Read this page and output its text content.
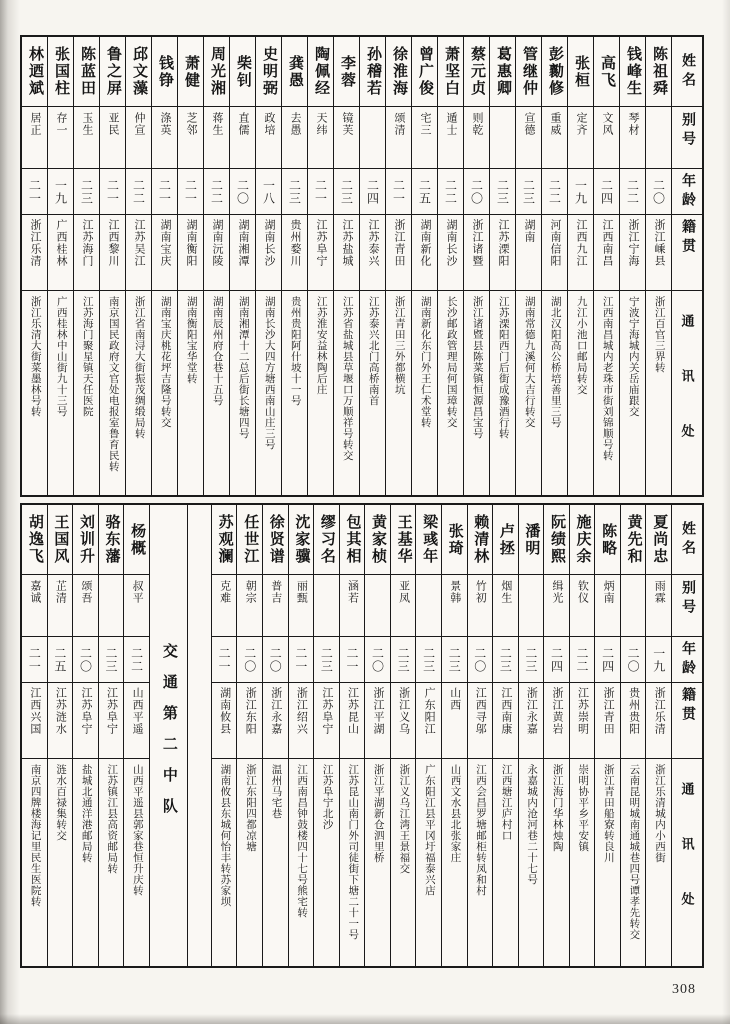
姓名
别号
年龄
籍贯
通讯处
陈祖舜
二〇
浙江嵊县
浙江百官三界转
钱峰生
琴材
二二
浙江宁海
宁波宁海城内关岳庙跟交
高飞
文风
二四
江西南昌
江西南昌城内老珠市街刘锦顺号转
张桓
定齐
一九
江西九江
九江小池口邮局转交
彭勷修
重威
二二
河南信阳
湖北汉阳高公桥培善里三号
管继仲
宣德
二三
湖南
湖南常德九溪何大吉行转交
葛惠卿
二三
江苏溧阳
江苏溧阳西门后街成豫酒行转
蔡元贞
则乾
二〇
浙江诸暨
浙江诸暨县陈菜镇恒源昌宝号
萧坚白
遁士
二二
湖南长沙
长沙邮政管理局何国璋转交
曾广俊
宅三
二五
湖南新化
湖南新化东门外王仁术堂转
徐淮海
颂清
二一
浙江青田
浙江青田三外都横坑
孙稽若
二四
江苏泰兴
江苏泰兴北门高桥南首
李蓉
镜芙
二三
江苏盐城
江苏省盐城县草堰口万顺祥号转交
陶佩经
天纬
二一
江苏阜宁
江苏淮安益林陶后庄
龚愚
去愚
二三
贵州婺川
贵州贵阳阿什坡十一号
史明弼
政培
一八
湖南长沙
湖南长沙大四方塘西南山庄三号
柴钊
直儒
二〇
湖南湘潭
湖南湘潭十二总后街长塘四号
周光湘
蒋生
二二
湖南沅陵
湖南辰州府仓巷十五号
萧健
芝邻
二一
湖南衡阳
湖南衡阳宝华堂转
钱铮
涤英
二一
湖南宝庆
湖南宝庆桃花坪吉隆号转交
邱文藻
仲宣
二二
江苏吴江
浙江省南浔大街振茂绸缎局转
鲁之屏
亚民
二一
江西黎川
南京国民政府文官处电报室鲁育民转
陈蓝田
玉生
二三
江苏海门
江苏海门聚星镇天任医院
张国柱
存一
一九
广西桂林
广西桂林中山街九十三号
林迺斌
居正
二一
浙江乐清
浙江乐清大街菜墨林号转
姓名
别号
年龄
籍贯
通讯处
夏尚忠
雨霖
一九
浙江乐清
浙江乐清城内小西街
黄先和
二〇
贵州贵阳
云南昆明城南通城巷四号谭孝先转交
陈略
炳南
二四
浙江青田
浙江青田船寮转良川
施庆余
钦仪
二二
江苏崇明
崇明协平乡平安镇
阮绩熙
缉光
二四
浙江黄岩
浙江海门华林烛陶
潘明
二三
浙江永嘉
永嘉城内沧河巷二十七号
卢拯
烟生
二三
江西南康
江西塘江庐村口
赖清林
竹初
二〇
江西寻邬
江西会昌罗塘邮柜转凤和村
张琦
景韩
二三
山西
山西文水县北张家庄
梁彧年
二三
广东阳江
广东阳江县平冈圩福泰兴店
王基华
亚凤
二三
浙江义乌
浙江义乌江湾王景福交
黄家桢
二〇
浙江平湖
浙江平湖新仓泗里桥
包其相
涵若
二一
江苏昆山
江苏昆山南门外司徒街下塘二十一号
缪习名
二三
江苏阜宁
江苏阜宁北沙
沈家骥
丽甄
二一
浙江绍兴
江西南昌钟鼓楼四十七号熊宅转
徐贤谱
普吉
二〇
浙江永嘉
温州马宅巷
任世江
朝宗
二〇
浙江东阳
浙江东阳四都凉塘
苏观澜
克难
二一
湖南攸县
湖南攸县东城何怡丰转苏家坝
交通第二中队
杨概
叔平
二二
山西平遥
山西平遥县郭家巷恒升庆转
骆东藩
二三
江苏阜宁
江苏镇江县高资邮局转
刘训升
颂吾
二〇
江苏阜宁
盐城北通洋港邮局转
王国风
芷清
二五
江苏涟水
涟水百禄集转交
胡逸飞
嘉诚
二一
江西兴国
南京四牌楼海记里民生医院转
308
